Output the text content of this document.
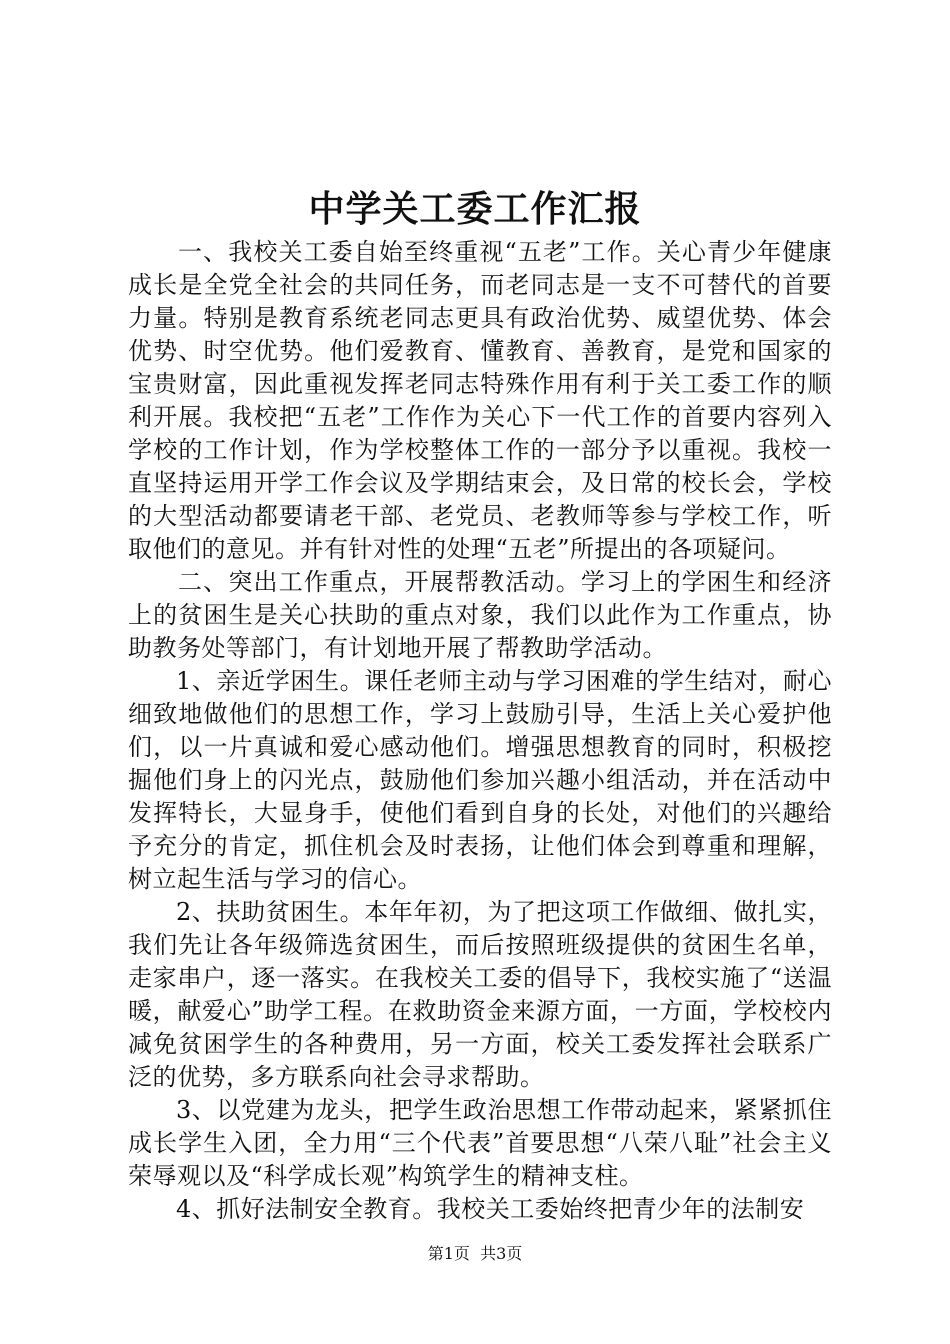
中学关工委工作汇报

一、我校关工委自始至终重视“五老”工作。关心青少年健康成长是全党全社会的共同任务，而老同志是一支不可替代的首要力量。特别是教育系统老同志更具有政治优势、威望优势、体会优势、时空优势。他们爱教育、懂教育、善教育，是党和国家的宝贵财富，因此重视发挥老同志特殊作用有利于关工委工作的顺利开展。我校把“五老”工作作为关心下一代工作的首要内容列入学校的工作计划，作为学校整体工作的一部分予以重视。我校一直坚持运用开学工作会议及学期结束会，及日常的校长会，学校的大型活动都要请老干部、老党员、老教师等参与学校工作，听取他们的意见。并有针对性的处理“五老”所提出的各项疑问。

二、突出工作重点，开展帮教活动。学习上的学困生和经济上的贫困生是关心扶助的重点对象，我们以此作为工作重点，协助教务处等部门，有计划地开展了帮教助学活动。

1、亲近学困生。课任老师主动与学习困难的学生结对，耐心细致地做他们的思想工作，学习上鼓励引导，生活上关心爱护他们，以一片真诚和爱心感动他们。增强思想教育的同时，积极挖掘他们身上的闪光点，鼓励他们参加兴趣小组活动，并在活动中发挥特长，大显身手，使他们看到自身的长处，对他们的兴趣给予充分的肯定，抓住机会及时表扬，让他们体会到尊重和理解，树立起生活与学习的信心。

2、扶助贫困生。本年年初，为了把这项工作做细、做扎实，我们先让各年级筛选贫困生，而后按照班级提供的贫困生名单，走家串户，逐一落实。在我校关工委的倡导下，我校实施了“送温暖，献爱心”助学工程。在救助资金来源方面，一方面，学校校内减免贫困学生的各种费用，另一方面，校关工委发挥社会联系广泛的优势，多方联系向社会寻求帮助。

3、以党建为龙头，把学生政治思想工作带动起来，紧紧抓住成长学生入团，全力用“三个代表”首要思想“八荣八耻”社会主义荣辱观以及“科学成长观”构筑学生的精神支柱。

4、抓好法制安全教育。我校关工委始终把青少年的法制安

第1页 共3页
